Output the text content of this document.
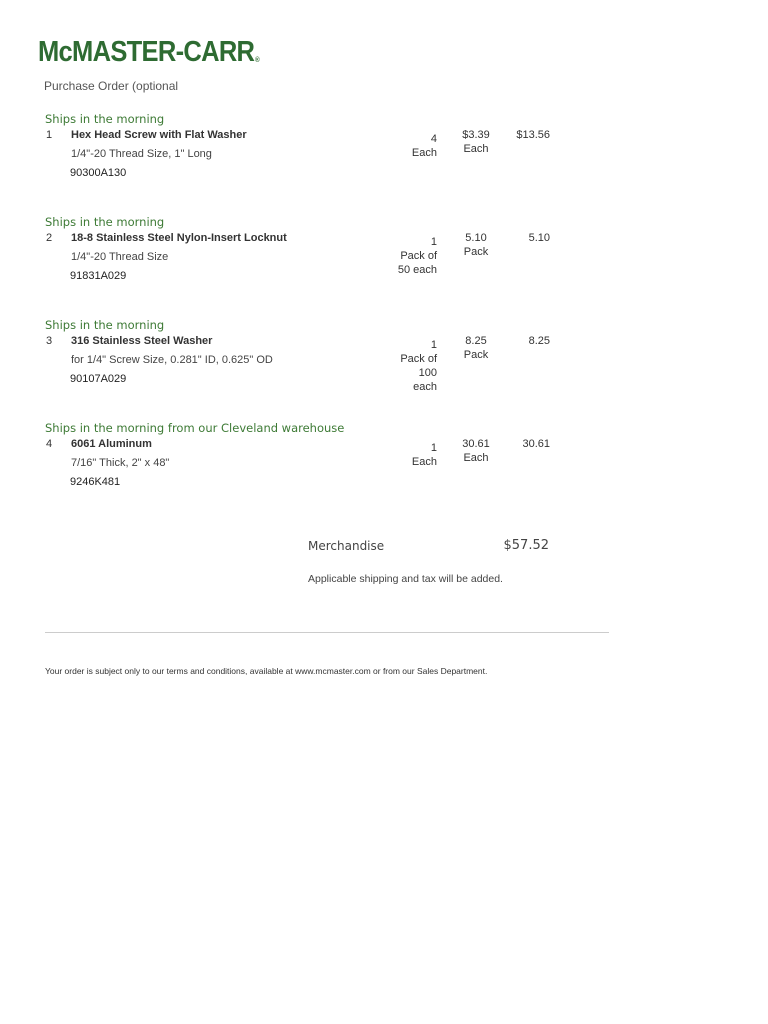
McMASTER-CARR®
Purchase Order (optional
Ships in the morning
1 Hex Head Screw with Flat Washer
1/4"-20 Thread Size, 1" Long
90300A130
4
Each
$3.39
Each
$13.56
Ships in the morning
2 18-8 Stainless Steel Nylon-Insert Locknut
1/4"-20 Thread Size
91831A029
1
Pack of
50 each
5.10
Pack
5.10
Ships in the morning
3 316 Stainless Steel Washer
for 1/4" Screw Size, 0.281" ID, 0.625" OD
90107A029
1
Pack of
100
each
8.25
Pack
8.25
Ships in the morning from our Cleveland warehouse
4 6061 Aluminum
7/16" Thick, 2" x 48"
9246K481
1
Each
30.61
Each
30.61
Merchandise	$57.52
Applicable shipping and tax will be added.
Your order is subject only to our terms and conditions, available at www.mcmaster.com or from our Sales Department.
